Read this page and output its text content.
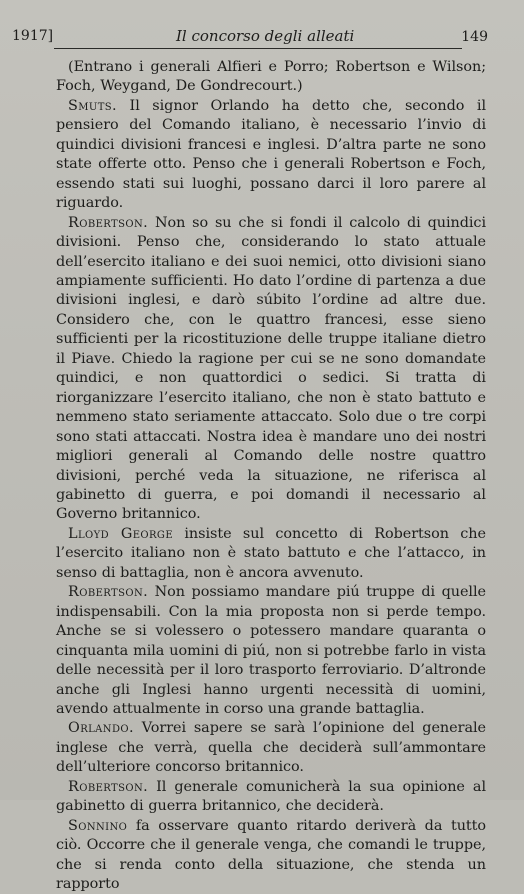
1917]	Il concorso degli alleati	149

(Entrano i generali Alfieri e Porro; Robertson e Wilson; Foch, Weygand, De Gondrecourt.)

Smuts. Il signor Orlando ha detto che, secondo il pensiero del Comando italiano, è necessario l’invio di quindici divisioni francesi e inglesi. D’altra parte ne sono state offerte otto. Penso che i generali Robertson e Foch, essendo stati sui luoghi, possano darci il loro parere al riguardo.

Robertson. Non so su che si fondi il calcolo di quindici divisioni. Penso che, considerando lo stato attuale dell’esercito italiano e dei suoi nemici, otto divisioni siano ampiamente sufficienti. Ho dato l’ordine di partenza a due divisioni inglesi, e darò súbito l’ordine ad altre due. Considero che, con le quattro francesi, esse sieno sufficienti per la ricostituzione delle truppe italiane dietro il Piave. Chiedo la ragione per cui se ne sono domandate quindici, e non quattordici o sedici. Si tratta di riorganizzare l’esercito italiano, che non è stato battuto e nemmeno stato seriamente attaccato. Solo due o tre corpi sono stati attaccati. Nostra idea è mandare uno dei nostri migliori generali al Comando delle nostre quattro divisioni, perché veda la situazione, ne riferisca al gabinetto di guerra, e poi domandi il necessario al Governo britannico.

Lloyd George insiste sul concetto di Robertson che l’esercito italiano non è stato battuto e che l’attacco, in senso di battaglia, non è ancora avvenuto.

Robertson. Non possiamo mandare piú truppe di quelle indispensabili. Con la mia proposta non si perde tempo. Anche se si volessero o potessero mandare quaranta o cinquanta mila uomini di piú, non si potrebbe farlo in vista delle necessità per il loro trasporto ferroviario. D’altronde anche gli Inglesi hanno urgenti necessità di uomini, avendo attualmente in corso una grande battaglia.

Orlando. Vorrei sapere se sarà l’opinione del generale inglese che verrà, quella che deciderà sull’ammontare dell’ulteriore concorso britannico.

Robertson. Il generale comunicherà la sua opinione al gabinetto di guerra britannico, che deciderà.

Sonnino fa osservare quanto ritardo deriverà da tutto ciò. Occorre che il generale venga, che comandi le truppe, che si renda conto della situazione, che stenda un rapporto
